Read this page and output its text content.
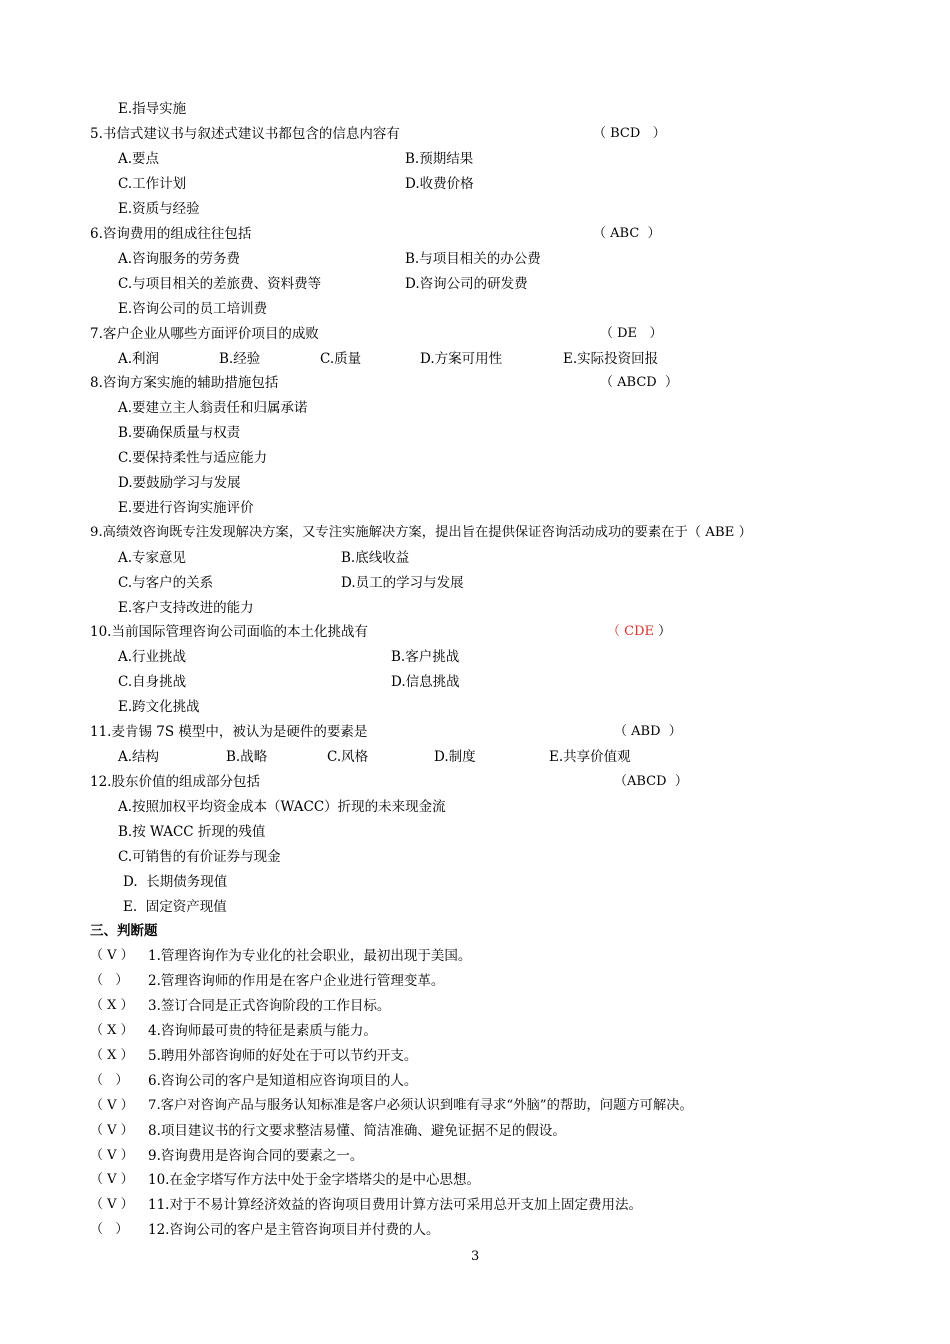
E.指导实施
5.书信式建议书与叙述式建议书都包含的信息内容有	（ BCD   ）
A.要点	B.预期结果
C.工作计划	D.收费价格
E.资质与经验
6.咨询费用的组成往往包括	（ ABC  ）
A.咨询服务的劳务费	B.与项目相关的办公费
C.与项目相关的差旅费、资料费等	D.咨询公司的研发费
E.咨询公司的员工培训费
7.客户企业从哪些方面评价项目的成败	（ DE   ）
A.利润	B.经验	C.质量	D.方案可用性	E.实际投资回报
8.咨询方案实施的辅助措施包括	（ ABCD  ）
A.要建立主人翁责任和归属承诺
B.要确保质量与权责
C.要保持柔性与适应能力
D.要鼓励学习与发展
E.要进行咨询实施评价
9.高绩效咨询既专注发现解决方案，又专注实施解决方案，提出旨在提供保证咨询活动成功的要素在于（ ABE ）
A.专家意见	B.底线收益
C.与客户的关系	D.员工的学习与发展
E.客户支持改进的能力
10.当前国际管理咨询公司面临的本土化挑战有	（ CDE ）
A.行业挑战	B.客户挑战
C.自身挑战	D.信息挑战
E.跨文化挑战
11.麦肯锡 7S 模型中，被认为是硬件的要素是	（ ABD  ）
A.结构	B.战略	C.风格	D.制度	E.共享价值观
12.股东价值的组成部分包括	（ABCD  ）
A.按照加权平均资金成本（WACC）折现的未来现金流
B.按 WACC 折现的残值
C.可销售的有价证券与现金
D.  长期债务现值
E.  固定资产现值
三、判断题
（ V ） 1.管理咨询作为专业化的社会职业，最初出现于美国。
（   ） 2.管理咨询师的作用是在客户企业进行管理变革。
（ X ） 3.签订合同是正式咨询阶段的工作目标。
（ X ） 4.咨询师最可贵的特征是素质与能力。
（ X ） 5.聘用外部咨询师的好处在于可以节约开支。
（   ） 6.咨询公司的客户是知道相应咨询项目的人。
（ V ） 7.客户对咨询产品与服务认知标准是客户必须认识到唯有寻求“外脑”的帮助，问题方可解决。
（ V ） 8.项目建议书的行文要求整洁易懂、简洁准确、避免证据不足的假设。
（ V ） 9.咨询费用是咨询合同的要素之一。
（ V ） 10.在金字塔写作方法中处于金字塔塔尖的是中心思想。
（ V ） 11.对于不易计算经济效益的咨询项目费用计算方法可采用总开支加上固定费用法。
（   ） 12.咨询公司的客户是主管咨询项目并付费的人。
3
